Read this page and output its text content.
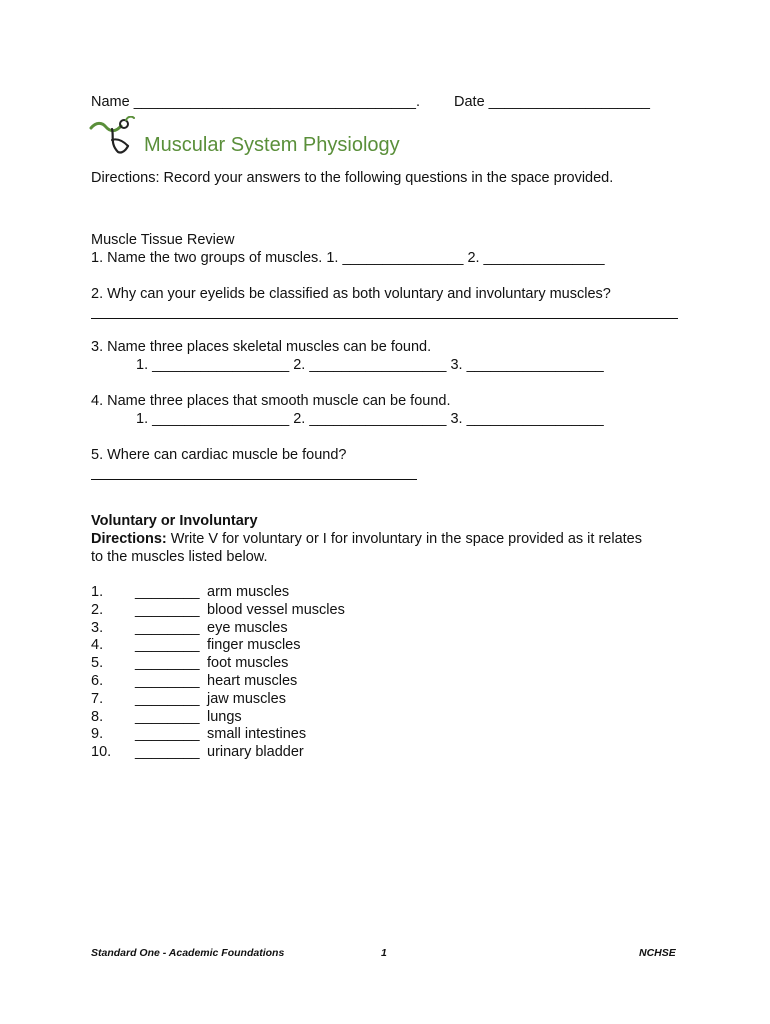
Name ___________________________________. Date ____________________
Muscular System Physiology
Directions: Record your answers to the following questions in the space provided.
Muscle Tissue Review
1. Name the two groups of muscles. 1. _______________ 2. _______________
2. Why can your eyelids be classified as both voluntary and involuntary muscles?
3. Name three places skeletal muscles can be found.
1. _________________ 2. _________________ 3. _________________
4. Name three places that smooth muscle can be found.
1. _________________ 2. _________________ 3. _________________
5. Where can cardiac muscle be found?
Voluntary or Involuntary
Directions: Write V for voluntary or I for involuntary in the space provided as it relates
to the muscles listed below.
1. ________ arm muscles
2. ________ blood vessel muscles
3. ________ eye muscles
4. ________ finger muscles
5. ________ foot muscles
6. ________ heart muscles
7. ________ jaw muscles
8. ________ lungs
9. ________ small intestines
10. ________ urinary bladder
Standard One - Academic Foundations	1	NCHSE
